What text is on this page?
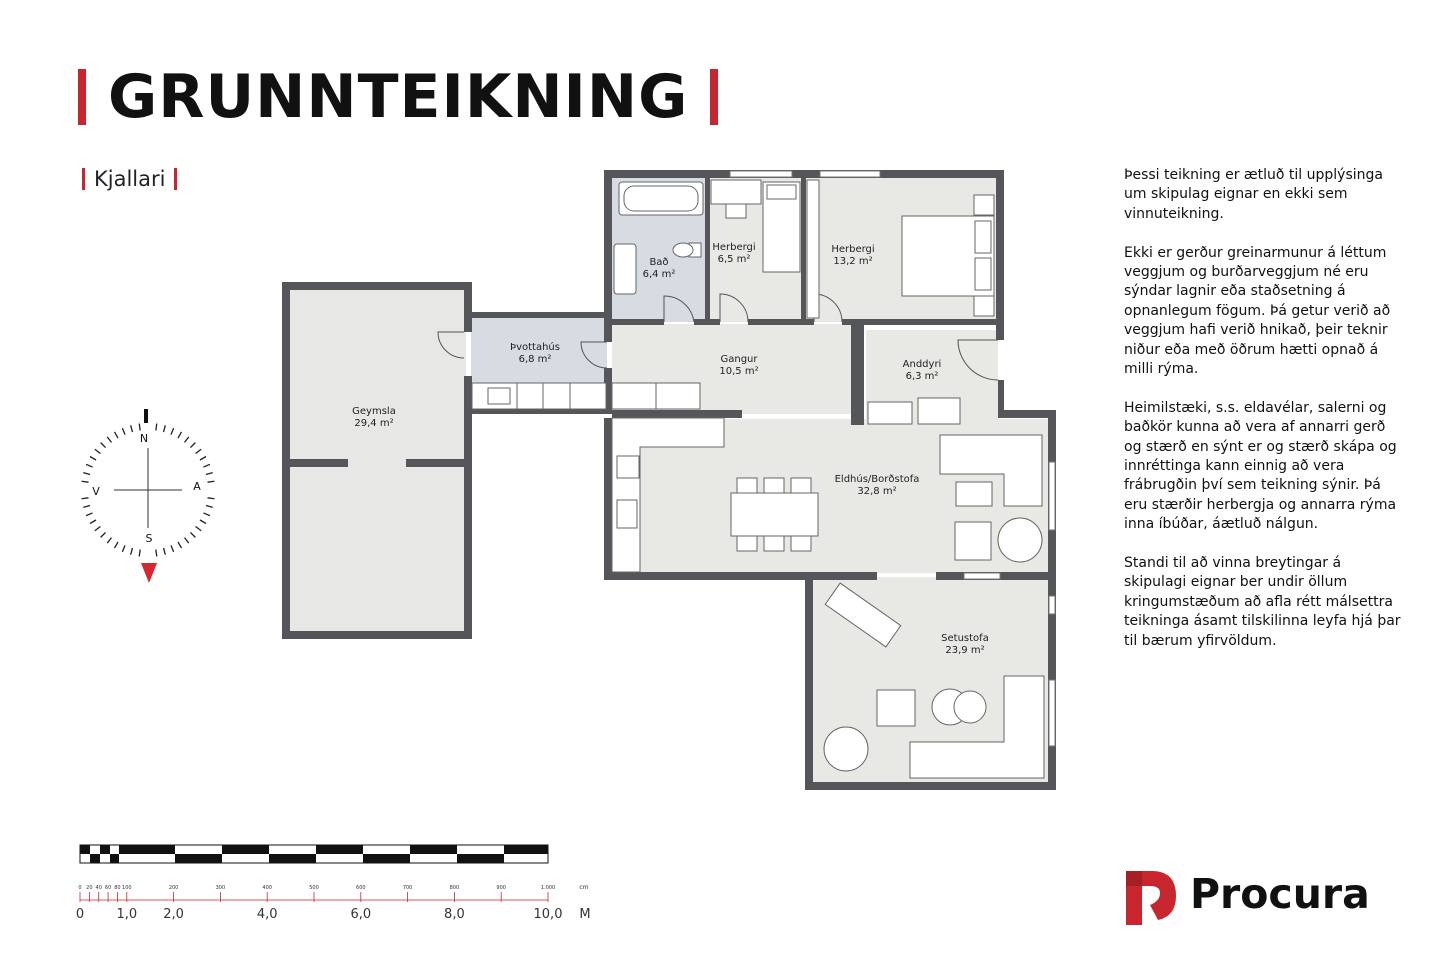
GRUNNTEIKNING
Kjallari
Bað
6,4 m²
Herbergi
6,5 m²
Herbergi
13,2 m²
Þvottahús
6,8 m²	Gangur
10,5 m²
Anddyri
6,3 m²
Geymsla
29,4 m²
Eldhús/Borðstofa
32,8 m²
Setustofa
23,9 m²
N
S
V	A
0 20 40 60 80 100	200	300	400	500	600	700	800	900	1.000	cm
0 1,0 2,0	4,0	6,0	8,0	10,0 M

Þessi teikning er ætluð til upplýsinga um skipulag eignar en ekki sem vinnuteikning.

Ekki er gerður greinarmunur á léttum veggjum og burðarveggjum né eru sýndar lagnir eða staðsetning á opnanlegum fögum. Þá getur verið að veggjum hafi verið hnikað, þeir teknir niður eða með öðrum hætti opnað á milli rýma.

Heimilstæki, s.s. eldavélar, salerni og baðkör kunna að vera af annarri gerð og stærð en sýnt er og stærð skápa og innréttinga kann einnig að vera frábrugðin því sem teikning sýnir. Þá eru stærðir herbergja og annarra rýma inna íbúðar, áætluð nálgun.

Standi til að vinna breytingar á skipulagi eignar ber undir öllum kringumstæðum að afla rétt málsettra teikninga ásamt tilskilinna leyfa hjá þar til bærum yfirvöldum.

Procura
